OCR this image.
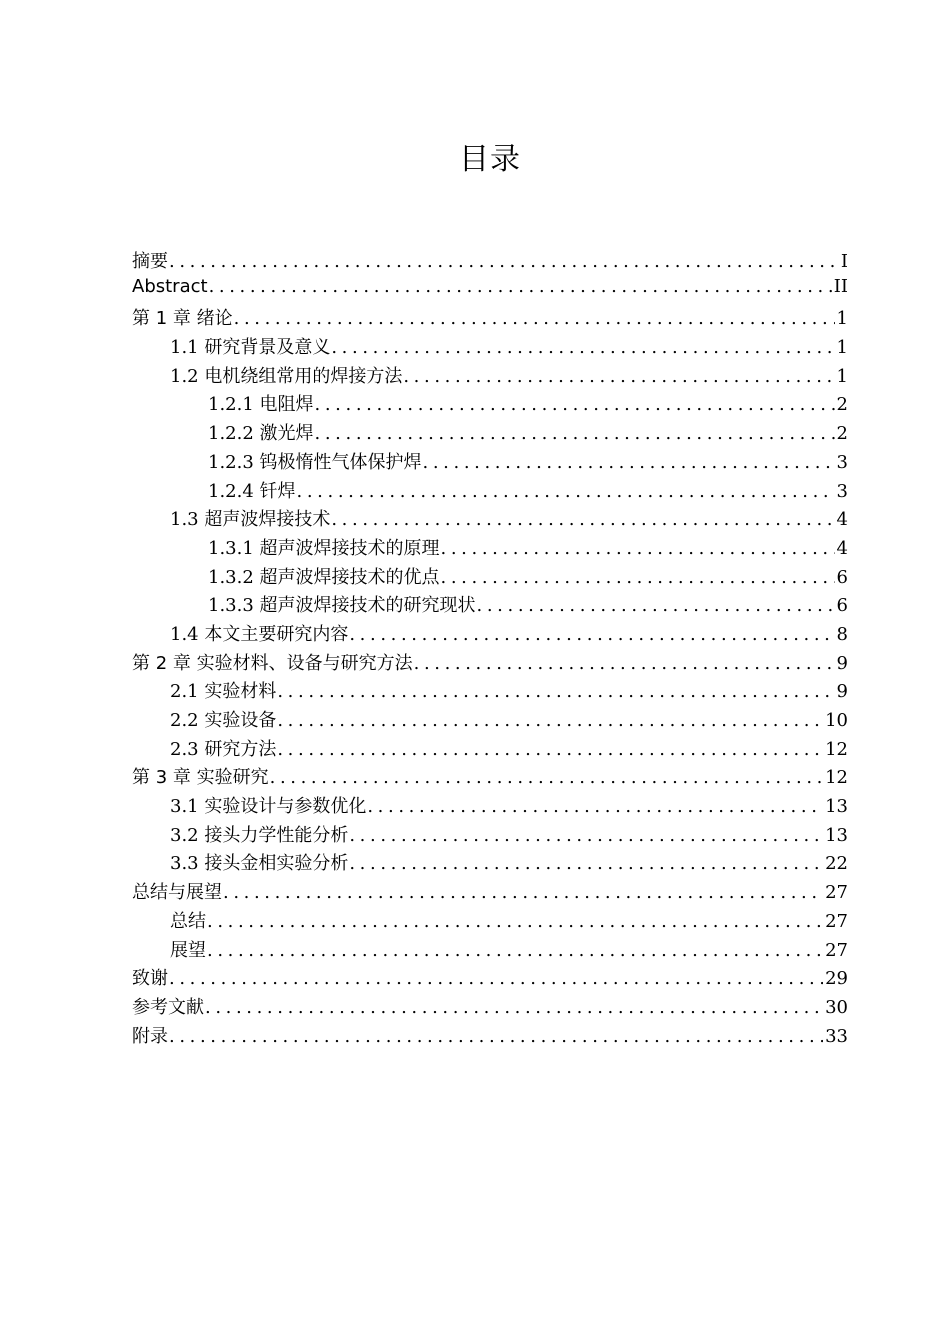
目录
摘要 .....	I
Abstract .....	II
第 1 章 绪论 .....	1
1.1 研究背景及意义 .....	1
1.2 电机绕组常用的焊接方法 .....	1
1.2.1 电阻焊 .....	2
1.2.2 激光焊 .....	2
1.2.3 钨极惰性气体保护焊 .....	3
1.2.4 钎焊 .....	3
1.3 超声波焊接技术 .....	4
1.3.1 超声波焊接技术的原理 .....	4
1.3.2 超声波焊接技术的优点 .....	6
1.3.3 超声波焊接技术的研究现状 .....	6
1.4 本文主要研究内容 .....	8
第 2 章 实验材料、设备与研究方法 .....	9
2.1 实验材料 .....	9
2.2 实验设备 .....	10
2.3 研究方法 .....	12
第 3 章 实验研究 .....	12
3.1 实验设计与参数优化 .....	13
3.2 接头力学性能分析 .....	13
3.3 接头金相实验分析 .....	22
总结与展望 .....	27
总结 .....	27
展望 .....	27
致谢 .....	29
参考文献 .....	30
附录 .....	33
